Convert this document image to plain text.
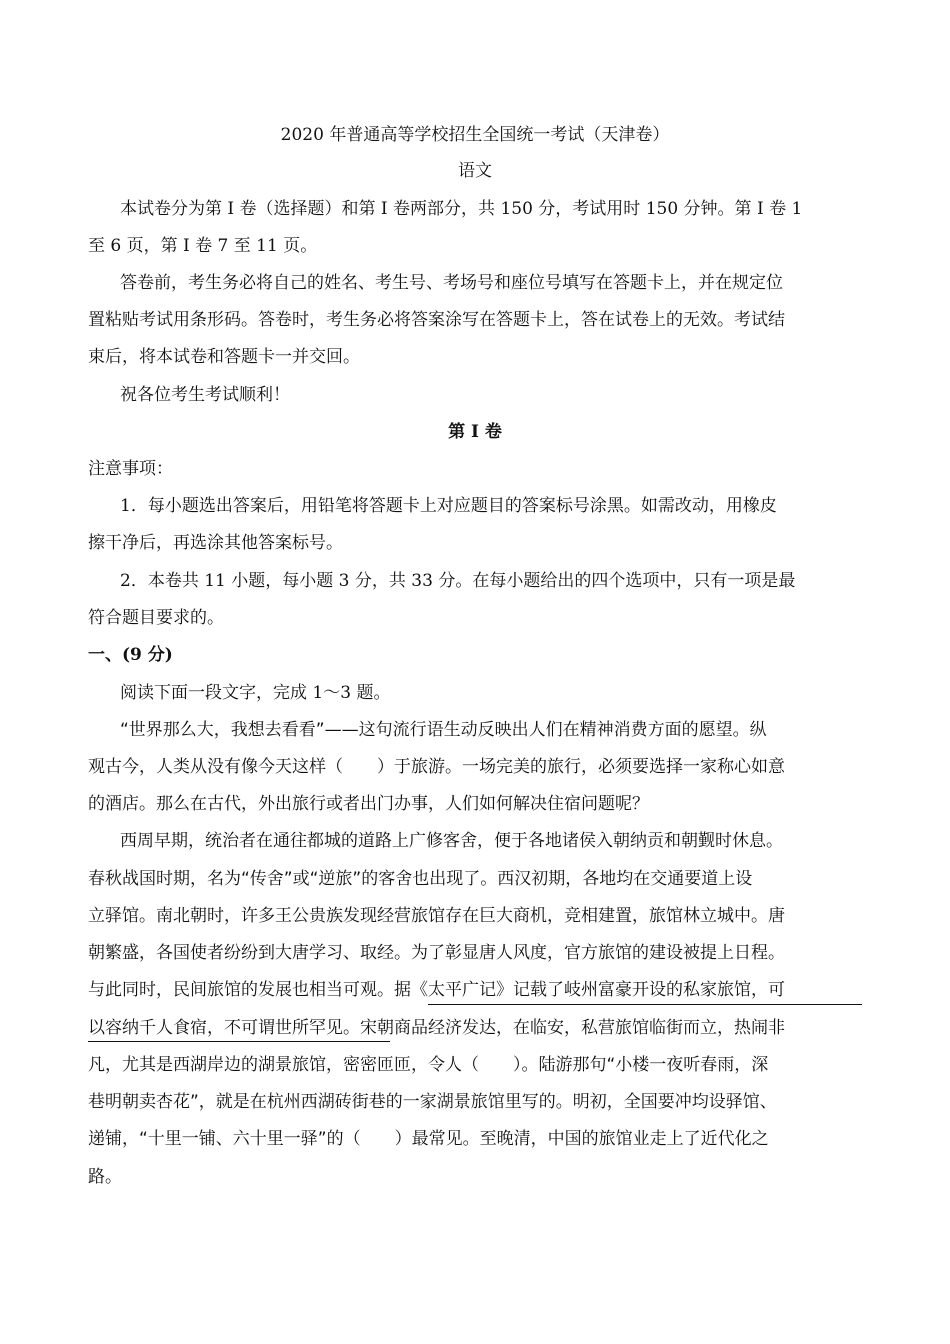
2020 年普通高等学校招生全国统一考试（天津卷）
语文
本试卷分为第 I 卷（选择题）和第 I 卷两部分，共 150 分，考试用时 150 分钟。第 I 卷 1
至 6 页，第 I 卷 7 至 11 页。
答卷前，考生务必将自己的姓名、考生号、考场号和座位号填写在答题卡上，并在规定位
置粘贴考试用条形码。答卷时，考生务必将答案涂写在答题卡上，答在试卷上的无效。考试结
束后，将本试卷和答题卡一并交回。
祝各位考生考试顺利！
第 I 卷
注意事项：
1．每小题选出答案后，用铅笔将答题卡上对应题目的答案标号涂黑。如需改动，用橡皮
擦干净后，再选涂其他答案标号。
2．本卷共 11 小题，每小题 3 分，共 33 分。在每小题给出的四个选项中，只有一项是最
符合题目要求的。
一、(9 分)
阅读下面一段文字，完成 1～3 题。
“世界那么大，我想去看看”——这句流行语生动反映出人们在精神消费方面的愿望。纵
观古今，人类从没有像今天这样（　　）于旅游。一场完美的旅行，必须要选择一家称心如意
的酒店。那么在古代，外出旅行或者出门办事，人们如何解决住宿问题呢？
西周早期，统治者在通往都城的道路上广修客舍，便于各地诸侯入朝纳贡和朝觐时休息。
春秋战国时期，名为“传舍”或“逆旅”的客舍也出现了。西汉初期，各地均在交通要道上设
立驿馆。南北朝时，许多王公贵族发现经营旅馆存在巨大商机，竞相建置，旅馆林立城中。唐
朝繁盛，各国使者纷纷到大唐学习、取经。为了彰显唐人风度，官方旅馆的建设被提上日程。
与此同时，民间旅馆的发展也相当可观。据《太平广记》记载了岐州富豪开设的私家旅馆，可
以容纳千人食宿，不可谓世所罕见。宋朝商品经济发达，在临安，私营旅馆临街而立，热闹非
凡，尤其是西湖岸边的湖景旅馆，密密匝匝，令人（　　）。陆游那句“小楼一夜听春雨，深
巷明朝卖杏花”，就是在杭州西湖砖街巷的一家湖景旅馆里写的。明初，全国要冲均设驿馆、
递铺，“十里一铺、六十里一驿”的（　　）最常见。至晚清，中国的旅馆业走上了近代化之
路。
